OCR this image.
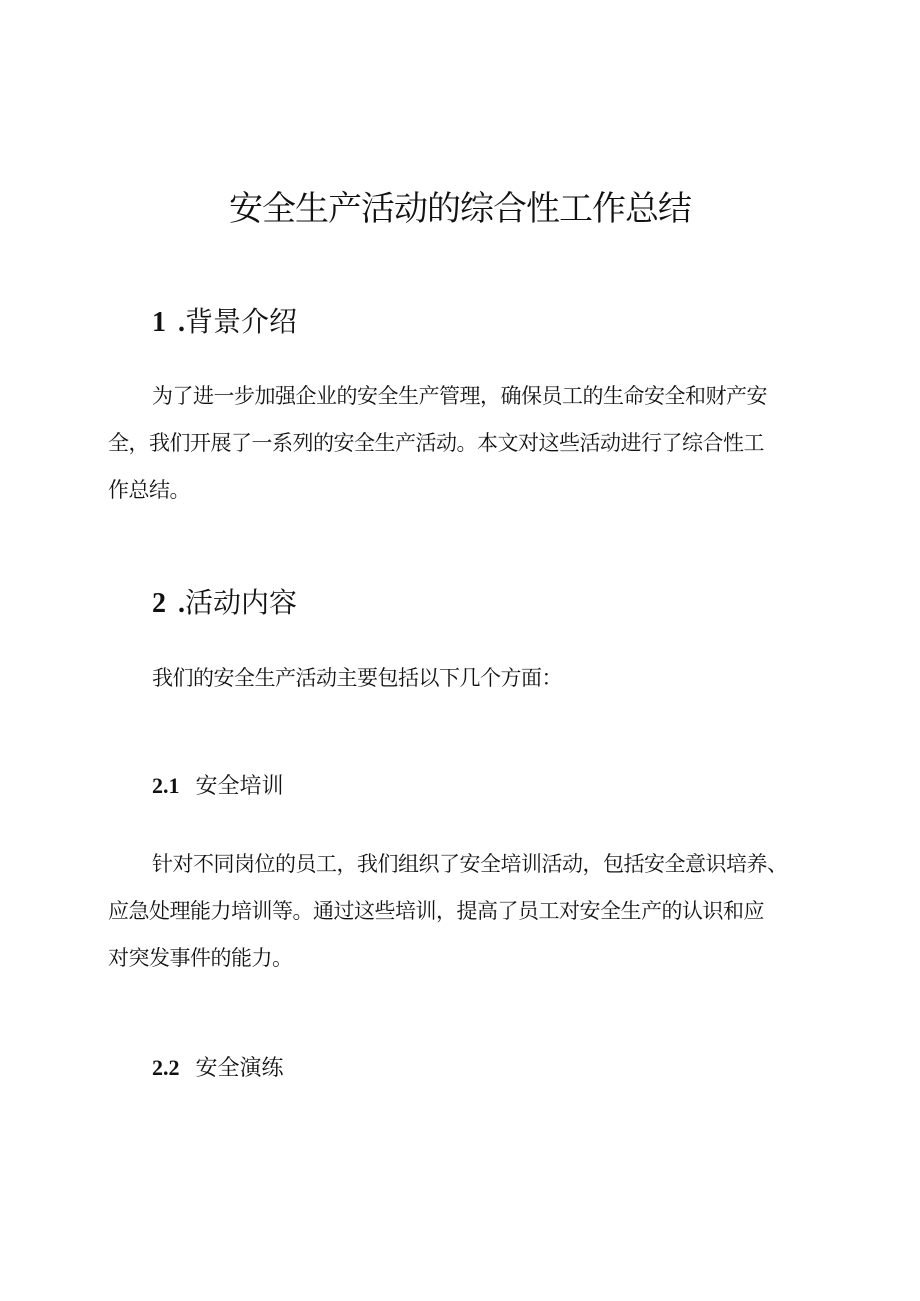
安全生产活动的综合性工作总结
1 .背景介绍

为了进一步加强企业的安全生产管理，确保员工的生命安全和财产安
全，我们开展了一系列的安全生产活动。本文对这些活动进行了综合性工
作总结。

2 .活动内容

我们的安全生产活动主要包括以下几个方面：

2.1 安全培训

针对不同岗位的员工，我们组织了安全培训活动，包括安全意识培养、
应急处理能力培训等。通过这些培训，提高了员工对安全生产的认识和应
对突发事件的能力。

2.2 安全演练
